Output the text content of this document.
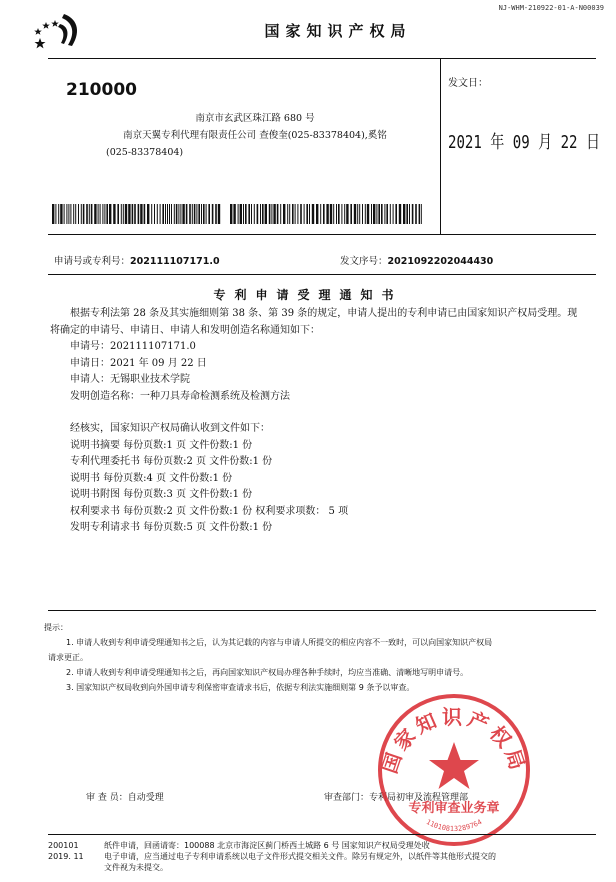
NJ-WHM-210922-01-A-N00039
国家知识产权局
210000
南京市玄武区珠江路 680 号
南京天翼专利代理有限责任公司 查俊奎(025-83378404),奚铭
(025-83378404)
发文日：
2021 年 09 月 22 日
申请号或专利号：202111107171.0	发文序号：2021092202044430
专利申请受理通知书
根据专利法第 28 条及其实施细则第 38 条、第 39 条的规定，申请人提出的专利申请已由国家知识产权局受理。现将确定的申请号、申请日、申请人和发明创造名称通知如下：
申请号：202111107171.0
申请日：2021 年 09 月 22 日
申请人：无锡职业技术学院
发明创造名称：一种刀具寿命检测系统及检测方法
经核实，国家知识产权局确认收到文件如下：
说明书摘要 每份页数:1 页 文件份数:1 份
专利代理委托书 每份页数:2 页 文件份数:1 份
说明书 每份页数:4 页 文件份数:1 份
说明书附图 每份页数:3 页 文件份数:1 份
权利要求书 每份页数:2 页 文件份数:1 份 权利要求项数： 5 项
发明专利请求书 每份页数:5 页 文件份数:1 份
提示：
1. 申请人收到专利申请受理通知书之后，认为其记载的内容与申请人所提交的相应内容不一致时，可以向国家知识产权局
请求更正。
2. 申请人收到专利申请受理通知书之后，再向国家知识产权局办理各种手续时，均应当准确、清晰地写明申请号。
3. 国家知识产权局收到向外国申请专利保密审查请求书后，依据专利法实施细则第 9 条予以审查。
审 查 员：自动受理	审查部门：专利局初审及流程管理部
国家知识产权局
专利审查业务章
11010813289764
200101	纸件申请，回函请寄：100088 北京市海淀区蓟门桥西土城路 6 号 国家知识产权局受理处收
2019. 11	电子申请，应当通过电子专利申请系统以电子文件形式提交相关文件。除另有规定外，以纸件等其他形式提交的
文件视为未提交。
